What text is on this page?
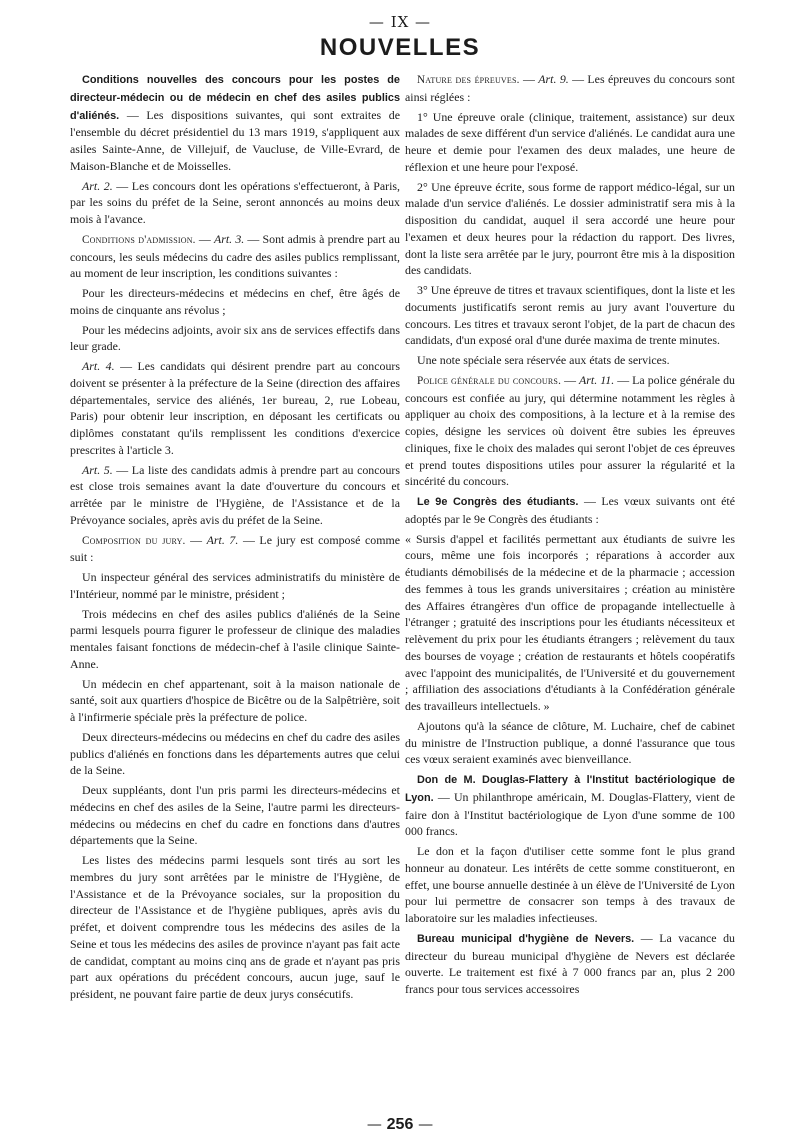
— IX —
NOUVELLES

Conditions nouvelles des concours pour les postes de directeur-médecin ou de médecin en chef des asiles publics d'aliénés. — Les dispositions suivantes, qui sont extraites de l'ensemble du décret présidentiel du 13 mars 1919, s'appliquent aux asiles Sainte-Anne, de Villejuif, de Vaucluse, de Ville-Evrard, de Maison-Blanche et de Moisselles.

Art. 2. — Les concours dont les opérations s'effectueront, à Paris, par les soins du préfet de la Seine, seront annoncés au moins deux mois à l'avance.

Conditions d'admission. — Art. 3. — Sont admis à prendre part au concours, les seuls médecins du cadre des asiles publics remplissant, au moment de leur inscription, les conditions suivantes :

Pour les directeurs-médecins et médecins en chef, être âgés de moins de cinquante ans révolus ;

Pour les médecins adjoints, avoir six ans de services effectifs dans leur grade.

Art. 4. — Les candidats qui désirent prendre part au concours doivent se présenter à la préfecture de la Seine (direction des affaires départementales, service des aliénés, 1er bureau, 2, rue Lobeau, Paris) pour obtenir leur inscription, en déposant les certificats ou diplômes constatant qu'ils remplissent les conditions d'exercice prescrites à l'article 3.

Art. 5. — La liste des candidats admis à prendre part au concours est close trois semaines avant la date d'ouverture du concours et arrêtée par le ministre de l'Hygiène, de l'Assistance et de la Prévoyance sociales, après avis du préfet de la Seine.

Composition du jury. — Art. 7. — Le jury est composé comme suit :

Un inspecteur général des services administratifs du ministère de l'Intérieur, nommé par le ministre, président ;

Trois médecins en chef des asiles publics d'aliénés de la Seine parmi lesquels pourra figurer le professeur de clinique des maladies mentales faisant fonctions de médecin-chef à l'asile clinique Sainte-Anne.

Un médecin en chef appartenant, soit à la maison nationale de santé, soit aux quartiers d'hospice de Bicêtre ou de la Salpêtrière, soit à l'infirmerie spéciale près la préfecture de police.

Deux directeurs-médecins ou médecins en chef du cadre des asiles publics d'aliénés en fonctions dans les départements autres que celui de la Seine.

Deux suppléants, dont l'un pris parmi les directeurs-médecins et médecins en chef des asiles de la Seine, l'autre parmi les directeurs-médecins ou médecins en chef du cadre en fonctions dans d'autres départements que la Seine.

Les listes des médecins parmi lesquels sont tirés au sort les membres du jury sont arrêtées par le ministre de l'Hygiène, de l'Assistance et de la Prévoyance sociales, sur la proposition du directeur de l'Assistance et de l'hygiène publiques, après avis du préfet, et doivent comprendre tous les médecins des asiles de la Seine et tous les médecins des asiles de province n'ayant pas fait acte de candidat, comptant au moins cinq ans de grade et n'ayant pas pris part aux opérations du précédent concours, aucun juge, sauf le président, ne pouvant faire partie de deux jurys consécutifs.

Nature des épreuves. — Art. 9. — Les épreuves du concours sont ainsi réglées :

1° Une épreuve orale (clinique, traitement, assistance) sur deux malades de sexe différent d'un service d'aliénés. Le candidat aura une heure et demie pour l'examen des deux malades, une heure de réflexion et une heure pour l'exposé.

2° Une épreuve écrite, sous forme de rapport médico-légal, sur un malade d'un service d'aliénés. Le dossier administratif sera mis à la disposition du candidat, auquel il sera accordé une heure pour l'examen et deux heures pour la rédaction du rapport. Des livres, dont la liste sera arrêtée par le jury, pourront être mis à la disposition des candidats.

3° Une épreuve de titres et travaux scientifiques, dont la liste et les documents justificatifs seront remis au jury avant l'ouverture du concours. Les titres et travaux seront l'objet, de la part de chacun des candidats, d'un exposé oral d'une durée maxima de trente minutes.

Une note spéciale sera réservée aux états de services.

Police générale du concours. — Art. 11. — La police générale du concours est confiée au jury, qui détermine notamment les règles à appliquer au choix des compositions, à la lecture et à la remise des copies, désigne les services où doivent être subies les épreuves cliniques, fixe le choix des malades qui seront l'objet de ces épreuves et prend toutes dispositions utiles pour assurer la régularité et la sincérité du concours.

Le 9e Congrès des étudiants. — Les vœux suivants ont été adoptés par le 9e Congrès des étudiants :

« Sursis d'appel et facilités permettant aux étudiants de suivre les cours, même une fois incorporés ; réparations à accorder aux étudiants démobilisés de la médecine et de la pharmacie ; accession des femmes à tous les grands universitaires ; création au ministère des Affaires étrangères d'un office de propagande intellectuelle à l'étranger ; gratuité des inscriptions pour les étudiants nécessiteux et relèvement du prix pour les étudiants étrangers ; relèvement du taux des bourses de voyage ; création de restaurants et hôtels coopératifs avec l'appoint des municipalités, de l'Université et du gouvernement ; affiliation des associations d'étudiants à la Confédération générale des travailleurs intellectuels. »

Ajoutons qu'à la séance de clôture, M. Luchaire, chef de cabinet du ministre de l'Instruction publique, a donné l'assurance que tous ces vœux seraient examinés avec bienveillance.

Don de M. Douglas-Flattery à l'Institut bactériologique de Lyon. — Un philanthrope américain, M. Douglas-Flattery, vient de faire don à l'Institut bactériologique de Lyon d'une somme de 100 000 francs.

Le don et la façon d'utiliser cette somme font le plus grand honneur au donateur. Les intérêts de cette somme constitueront, en effet, une bourse annuelle destinée à un élève de l'Université de Lyon pour lui permettre de consacrer son temps à des travaux de laboratoire sur les maladies infectieuses.

Bureau municipal d'hygiène de Nevers. — La vacance du directeur du bureau municipal d'hygiène de Nevers est déclarée ouverte. Le traitement est fixé à 7 000 francs par an, plus 2 200 francs pour tous services accessoires

— 256 —
